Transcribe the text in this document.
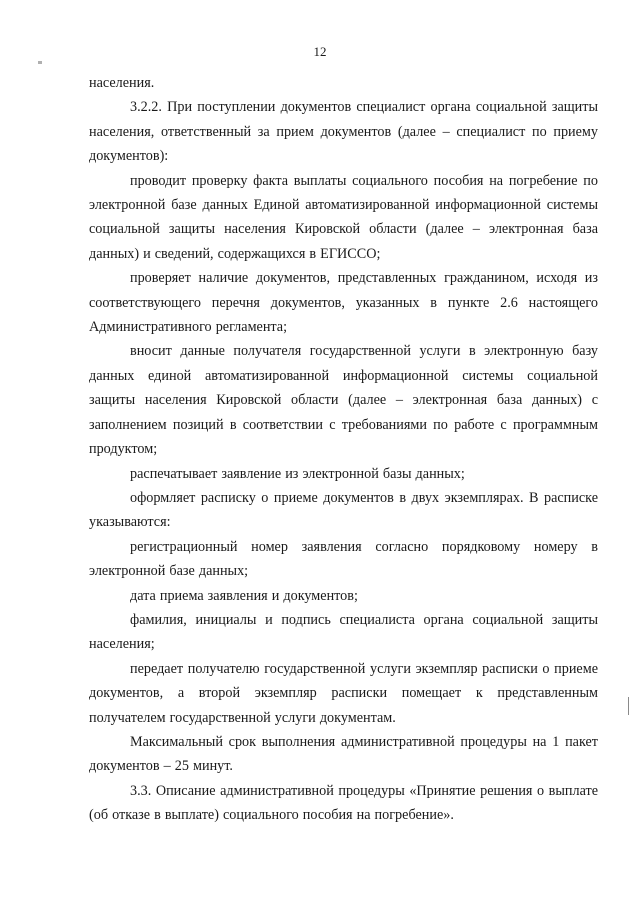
12

населения.

3.2.2. При поступлении документов специалист органа социальной защиты населения, ответственный за прием документов (далее – специалист по приему документов):

проводит проверку факта выплаты социального пособия на погребение по электронной базе данных Единой автоматизированной информационной системы социальной защиты населения Кировской области (далее – электронная база данных) и сведений, содержащихся в ЕГИССО;

проверяет наличие документов, представленных гражданином, исходя из соответствующего перечня документов, указанных в пункте 2.6 настоящего Административного регламента;

вносит данные получателя государственной услуги в электронную базу данных единой автоматизированной информационной системы социальной защиты населения Кировской области (далее – электронная база данных) с заполнением позиций в соответствии с требованиями по работе с программным продуктом;

распечатывает заявление из электронной базы данных;

оформляет расписку о приеме документов в двух экземплярах. В расписке указываются:

регистрационный номер заявления согласно порядковому номеру в электронной базе данных;

дата приема заявления и документов;

фамилия, инициалы и подпись специалиста органа социальной защиты населения;

передает получателю государственной услуги экземпляр расписки о приеме документов, а второй экземпляр расписки помещает к представленным получателем государственной услуги документам.

Максимальный срок выполнения административной процедуры на 1 пакет документов – 25 минут.

3.3. Описание административной процедуры «Принятие решения о выплате (об отказе в выплате) социального пособия на погребение».
